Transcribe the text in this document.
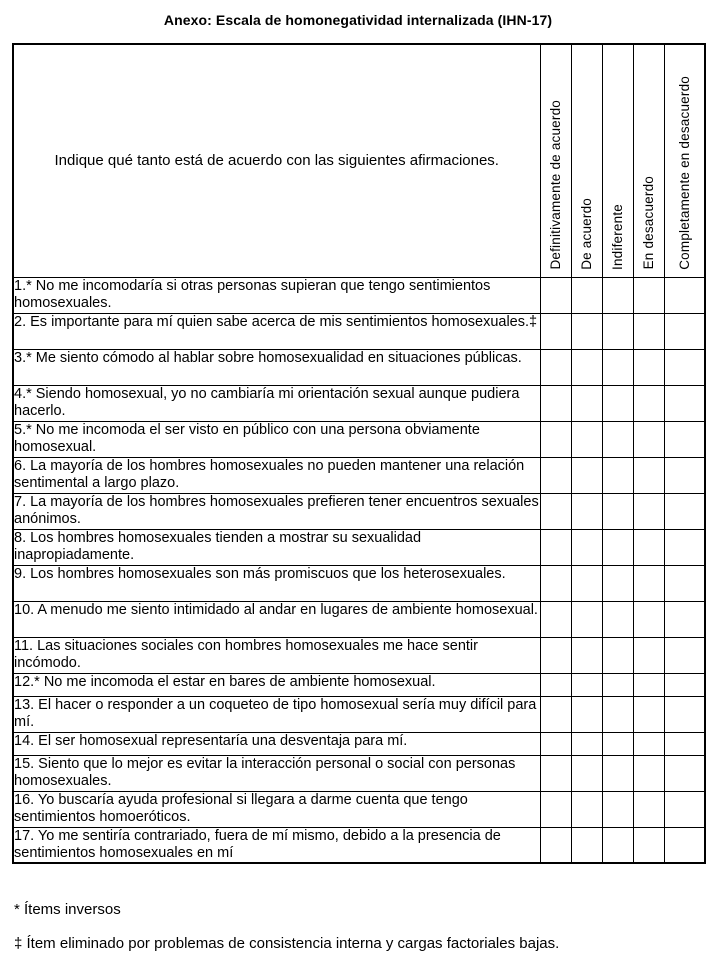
Anexo: Escala de homonegatividad internalizada (IHN-17)
Indique qué tanto está de acuerdo con las siguientes afirmaciones.	Definitivamente de acuerdo	De acuerdo	Indiferente	En desacuerdo	Completamente en desacuerdo

1.* No me incomodaría si otras personas supieran que tengo sentimientos homosexuales.					
2. Es importante para mí quien sabe acerca de mis sentimientos homosexuales.‡					
3.* Me siento cómodo al hablar sobre homosexualidad en situaciones públicas.					
4.* Siendo homosexual, yo no cambiaría mi orientación sexual aunque pudiera hacerlo.					
5.* No me incomoda el ser visto en público con una persona obviamente homosexual.					
6. La mayoría de los hombres homosexuales no pueden mantener una relación sentimental a largo plazo.					
7. La mayoría de los hombres homosexuales prefieren tener encuentros sexuales anónimos.					
8. Los hombres homosexuales tienden a mostrar su sexualidad inapropiadamente.					
9. Los hombres homosexuales son más promiscuos que los heterosexuales.					
10. A menudo me siento intimidado al andar en lugares de ambiente homosexual.					
11. Las situaciones sociales con hombres homosexuales me hace sentir incómodo.					
12.* No me incomoda el estar en bares de ambiente homosexual.					
13. El hacer o responder a un coqueteo de tipo homosexual sería muy difícil para mí.					
14. El ser homosexual representaría una desventaja para mí.					
15. Siento que lo mejor es evitar la interacción personal o social con personas homosexuales.					
16. Yo buscaría ayuda profesional si llegara a darme cuenta que tengo sentimientos homoeróticos.					
17. Yo me sentiría contrariado, fuera de mí mismo, debido a la presencia de sentimientos homosexuales en mí					
* Ítems inversos
‡ Ítem eliminado por problemas de consistencia interna y cargas factoriales bajas.
